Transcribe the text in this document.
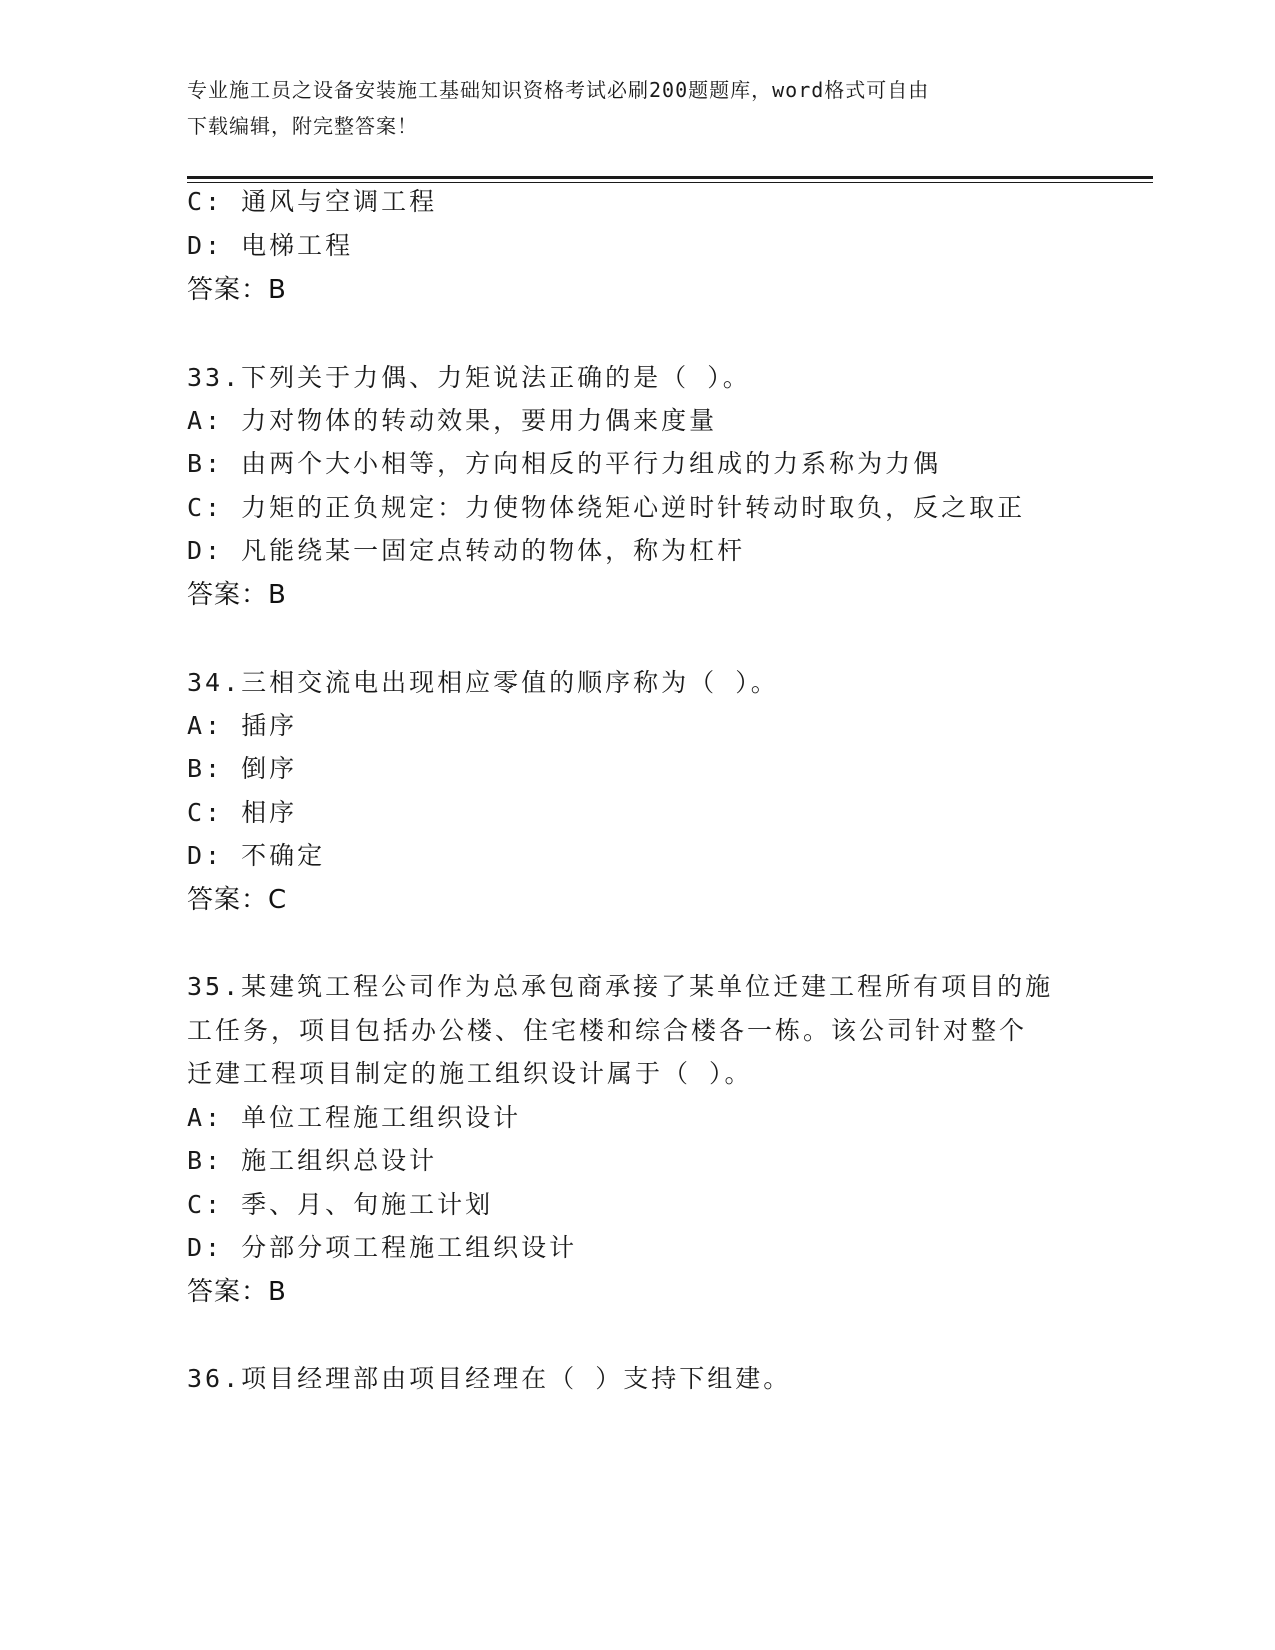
专业施工员之设备安装施工基础知识资格考试必刷200题题库，word格式可自由
下载编辑，附完整答案！
C: 通风与空调工程
D: 电梯工程
答案：B
33.下列关于力偶、力矩说法正确的是（ ）。
A: 力对物体的转动效果，要用力偶来度量
B: 由两个大小相等，方向相反的平行力组成的力系称为力偶
C: 力矩的正负规定：力使物体绕矩心逆时针转动时取负，反之取正
D: 凡能绕某一固定点转动的物体，称为杠杆
答案：B
34.三相交流电出现相应零值的顺序称为（ ）。
A: 插序
B: 倒序
C: 相序
D: 不确定
答案：C
35.某建筑工程公司作为总承包商承接了某单位迁建工程所有项目的施
工任务，项目包括办公楼、住宅楼和综合楼各一栋。该公司针对整个
迁建工程项目制定的施工组织设计属于（ ）。
A: 单位工程施工组织设计
B: 施工组织总设计
C: 季、月、旬施工计划
D: 分部分项工程施工组织设计
答案：B
36.项目经理部由项目经理在（ ）支持下组建。
